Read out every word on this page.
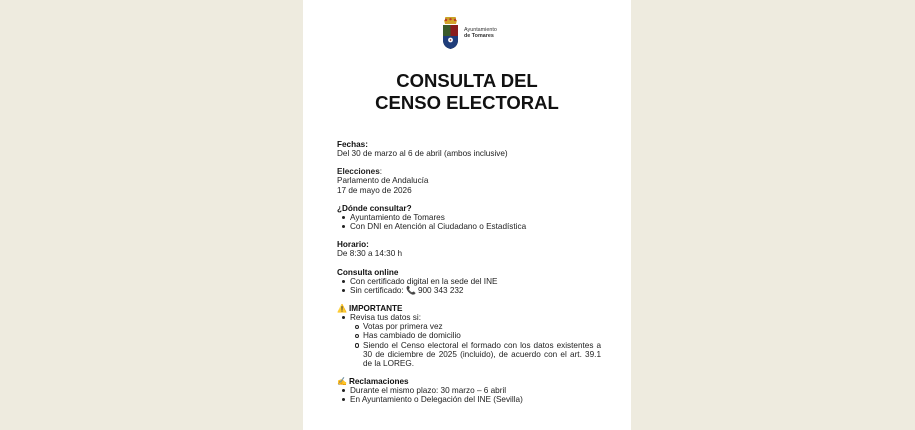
Ayuntamiento
de Tomares
CONSULTA DEL
CENSO ELECTORAL
Fechas:

Del 30 de marzo al 6 de abril (ambos inclusive)

Elecciones:

Parlamento de Andalucía

17 de mayo de 2026

¿Dónde consultar?
Ayuntamiento de Tomares
Con DNI en Atención al Ciudadano o Estadística
Horario:

De 8:30 a 14:30 h

Consulta online
Con certificado digital en la sede del INE
Sin certificado: 📞 900 343 232
⚠️ IMPORTANTE
Revisa tus datos si:
Votas por primera vez
Has cambiado de domicilio
Siendo el Censo electoral el formado con los datos existentes a 30 de diciembre de 2025 (incluido), de acuerdo con el art. 39.1 de la LOREG.
✍️ Reclamaciones
Durante el mismo plazo: 30 marzo – 6 abril
En Ayuntamiento o Delegación del INE (Sevilla)
